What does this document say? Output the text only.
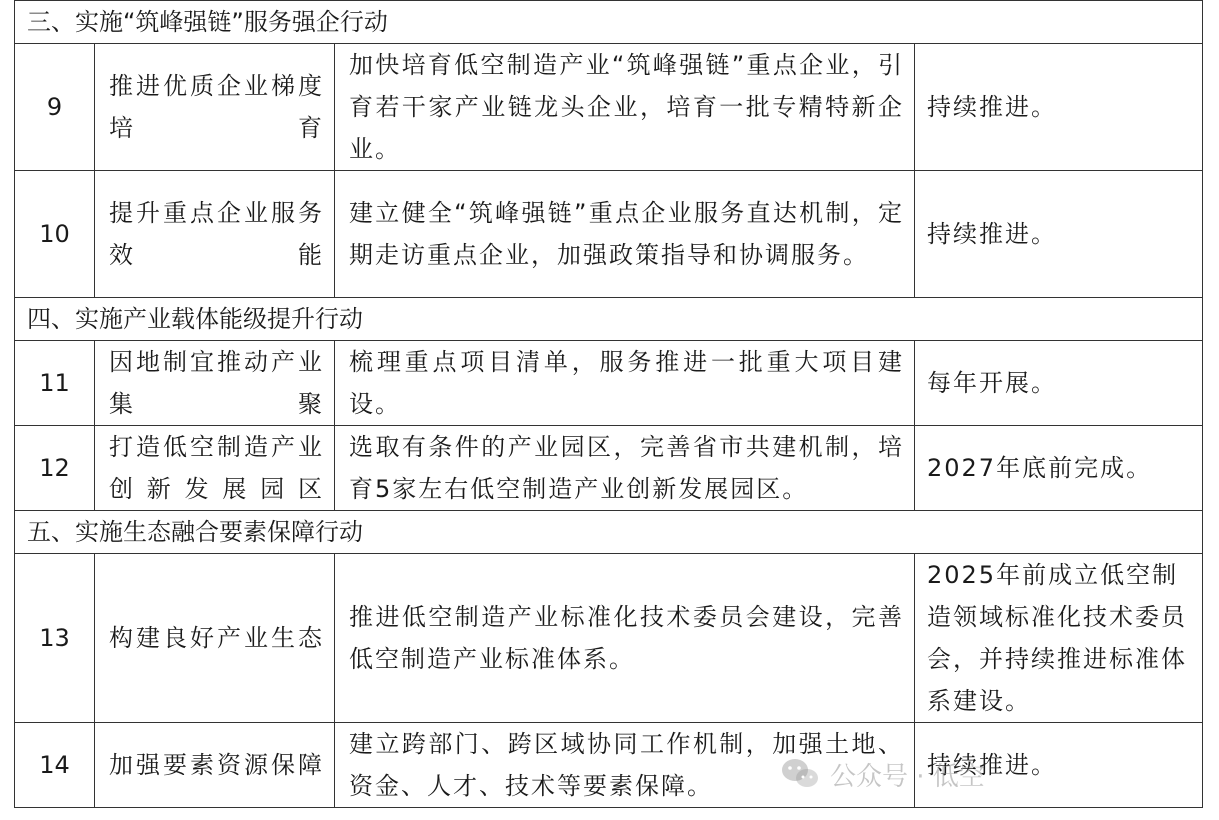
三、实施“筑峰强链”服务强企行动			
9	推进优质企业梯度培育	加快培育低空制造产业“筑峰强链”重点企业，引育若干家产业链龙头企业，培育一批专精特新企业。	持续推进。
10	提升重点企业服务效能	建立健全“筑峰强链”重点企业服务直达机制，定期走访重点企业，加强政策指导和协调服务。	持续推进。
四、实施产业载体能级提升行动			
11	因地制宜推动产业集聚	梳理重点项目清单，服务推进一批重大项目建设。	每年开展。
12	打造低空制造产业创新发展园区	选取有条件的产业园区，完善省市共建机制，培育5家左右低空制造产业创新发展园区。	2027年底前完成。
五、实施生态融合要素保障行动			
13	构建良好产业生态	推进低空制造产业标准化技术委员会建设，完善低空制造产业标准体系。	2025年前成立低空制造领域标准化技术委员会，并持续推进标准体系建设。
14	加强要素资源保障	建立跨部门、跨区域协同工作机制，加强土地、资金、人才、技术等要素保障。	持续推进。
公众号 · 低空
